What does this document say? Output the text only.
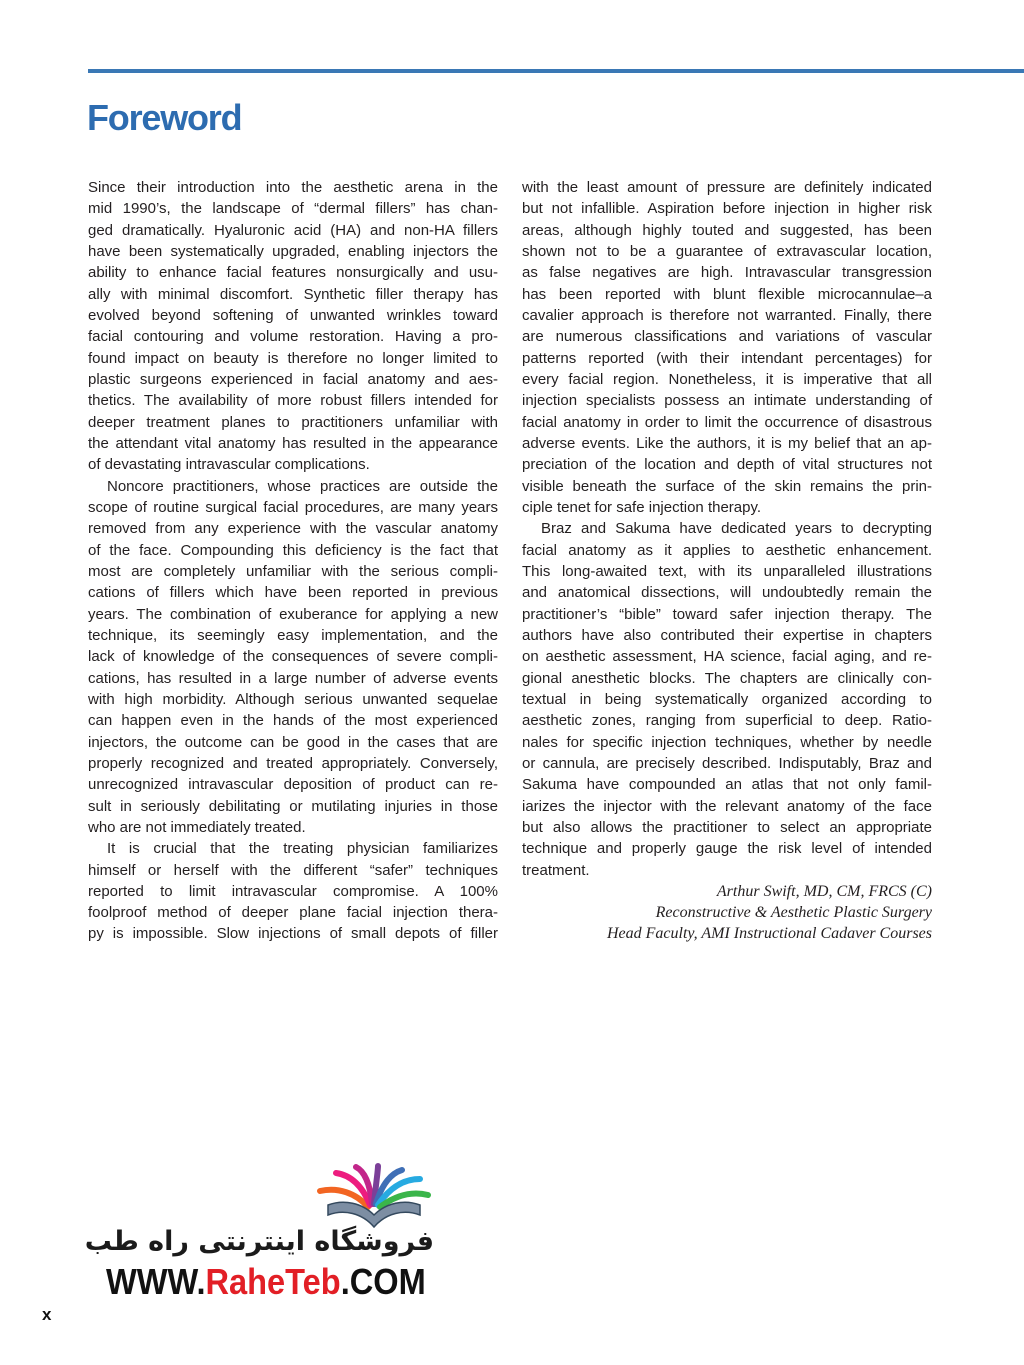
Foreword
Since their introduction into the aesthetic arena in the
mid 1990’s, the landscape of “dermal fillers” has chan-
ged dramatically. Hyaluronic acid (HA) and non-HA fillers
have been systematically upgraded, enabling injectors the
ability to enhance facial features nonsurgically and usu-
ally with minimal discomfort. Synthetic filler therapy has
evolved beyond softening of unwanted wrinkles toward
facial contouring and volume restoration. Having a pro-
found impact on beauty is therefore no longer limited to
plastic surgeons experienced in facial anatomy and aes-
thetics. The availability of more robust fillers intended for
deeper treatment planes to practitioners unfamiliar with
the attendant vital anatomy has resulted in the appearance
of devastating intravascular complications.
Noncore practitioners, whose practices are outside the
scope of routine surgical facial procedures, are many years
removed from any experience with the vascular anatomy
of the face. Compounding this deficiency is the fact that
most are completely unfamiliar with the serious compli-
cations of fillers which have been reported in previous
years. The combination of exuberance for applying a new
technique, its seemingly easy implementation, and the
lack of knowledge of the consequences of severe compli-
cations, has resulted in a large number of adverse events
with high morbidity. Although serious unwanted sequelae
can happen even in the hands of the most experienced
injectors, the outcome can be good in the cases that are
properly recognized and treated appropriately. Conversely,
unrecognized intravascular deposition of product can re-
sult in seriously debilitating or mutilating injuries in those
who are not immediately treated.
It is crucial that the treating physician familiarizes
himself or herself with the different “safer” techniques
reported to limit intravascular compromise. A 100%
foolproof method of deeper plane facial injection thera-
py is impossible. Slow injections of small depots of filler
with the least amount of pressure are definitely indicated
but not infallible. Aspiration before injection in higher risk
areas, although highly touted and suggested, has been
shown not to be a guarantee of extravascular location,
as false negatives are high. Intravascular transgression
has been reported with blunt flexible microcannulae–a
cavalier approach is therefore not warranted. Finally, there
are numerous classifications and variations of vascular
patterns reported (with their intendant percentages) for
every facial region. Nonetheless, it is imperative that all
injection specialists possess an intimate understanding of
facial anatomy in order to limit the occurrence of disastrous
adverse events. Like the authors, it is my belief that an ap-
preciation of the location and depth of vital structures not
visible beneath the surface of the skin remains the prin-
ciple tenet for safe injection therapy.
Braz and Sakuma have dedicated years to decrypting
facial anatomy as it applies to aesthetic enhancement.
This long-awaited text, with its unparalleled illustrations
and anatomical dissections, will undoubtedly remain the
practitioner’s “bible” toward safer injection therapy. The
authors have also contributed their expertise in chapters
on aesthetic assessment, HA science, facial aging, and re-
gional anesthetic blocks. The chapters are clinically con-
textual in being systematically organized according to
aesthetic zones, ranging from superficial to deep. Ratio-
nales for specific injection techniques, whether by needle
or cannula, are precisely described. Indisputably, Braz and
Sakuma have compounded an atlas that not only famil-
iarizes the injector with the relevant anatomy of the face
but also allows the practitioner to select an appropriate
technique and properly gauge the risk level of intended
treatment.
Arthur Swift, MD, CM, FRCS (C)
Reconstructive & Aesthetic Plastic Surgery
Head Faculty, AMI Instructional Cadaver Courses
فروشگاه اینترنتی راه طب
WWW.RaheTeb.COM
x
